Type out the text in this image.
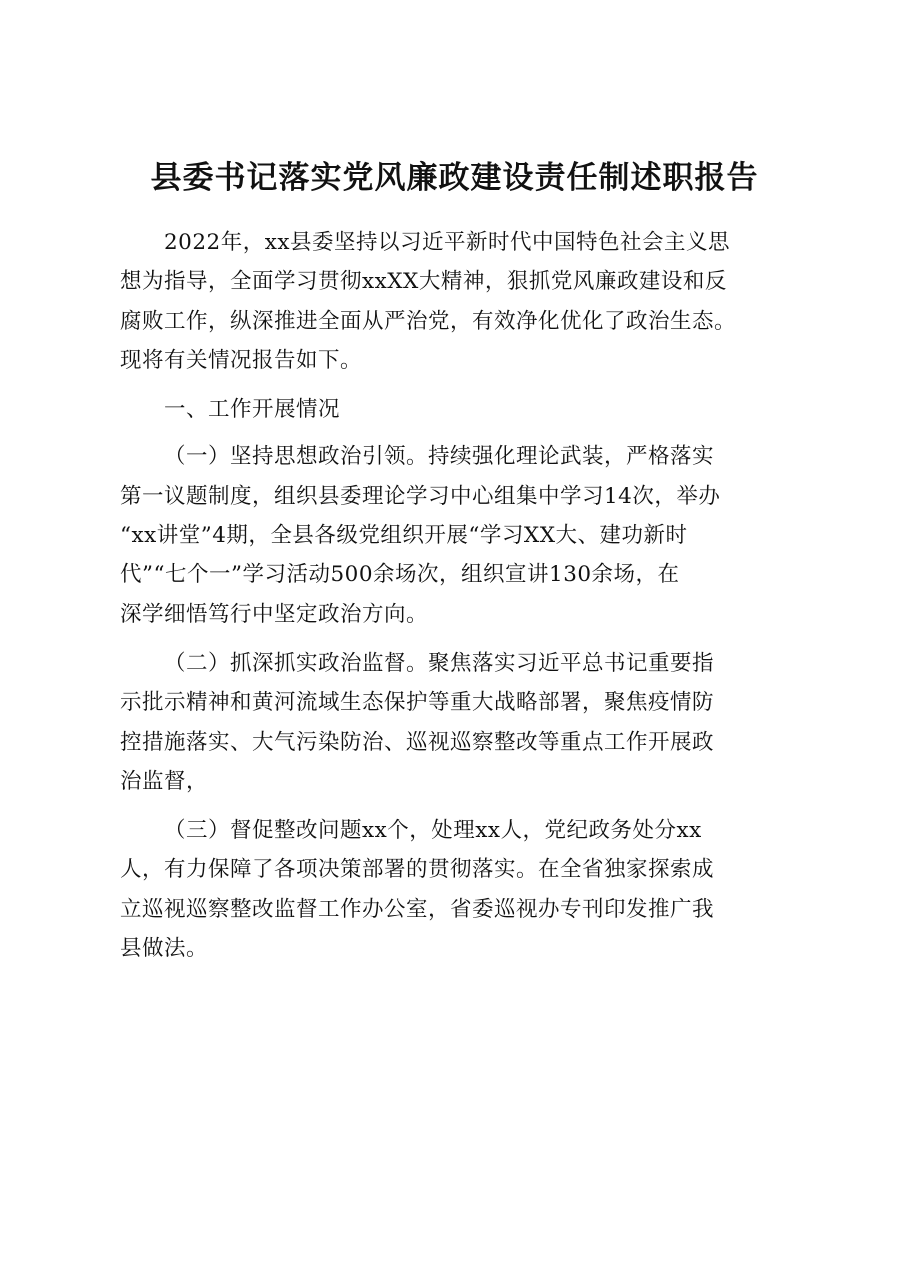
县委书记落实党风廉政建设责任制述职报告
2022年，xx县委坚持以习近平新时代中国特色社会主义思
想为指导，全面学习贯彻xxXX大精神，狠抓党风廉政建设和反
腐败工作，纵深推进全面从严治党，有效净化优化了政治生态。
现将有关情况报告如下。
一、工作开展情况
（一）坚持思想政治引领。持续强化理论武装，严格落实
第一议题制度，组织县委理论学习中心组集中学习14次，举办
“xx讲堂”4期，全县各级党组织开展“学习XX大、建功新时
代”“七个一”学习活动500余场次，组织宣讲130余场，在
深学细悟笃行中坚定政治方向。
（二）抓深抓实政治监督。聚焦落实习近平总书记重要指
示批示精神和黄河流域生态保护等重大战略部署，聚焦疫情防
控措施落实、大气污染防治、巡视巡察整改等重点工作开展政
治监督，
（三）督促整改问题xx个，处理xx人，党纪政务处分xx
人，有力保障了各项决策部署的贯彻落实。在全省独家探索成
立巡视巡察整改监督工作办公室，省委巡视办专刊印发推广我
县做法。
